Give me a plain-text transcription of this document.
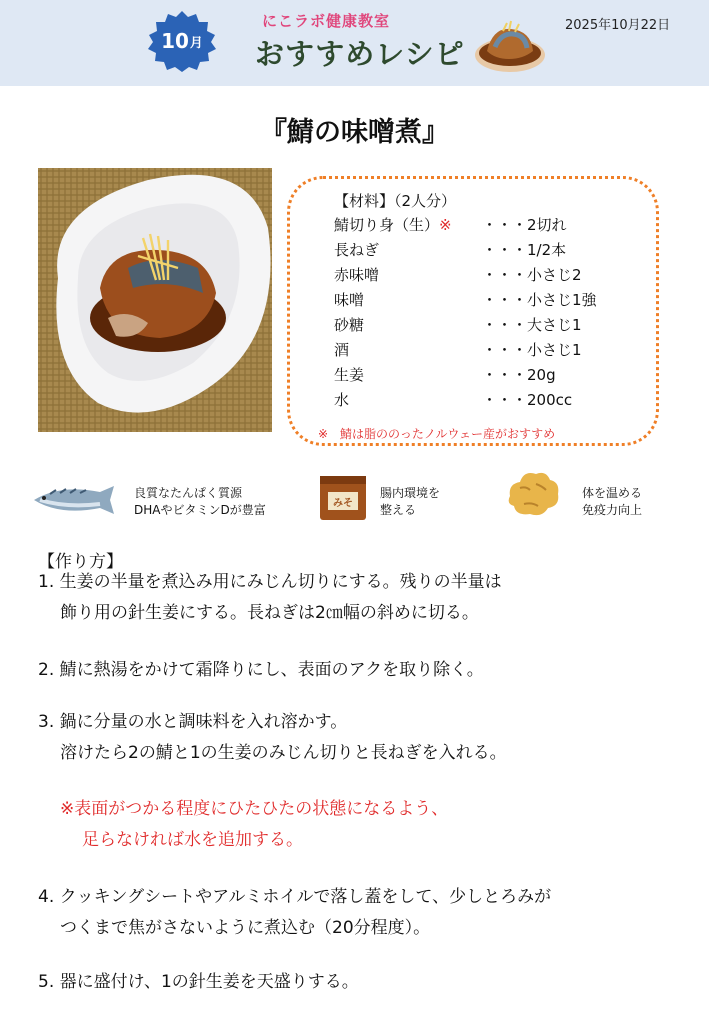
10 月
にこラボ健康教室
おすすめレシピ
2025年10月22日
『鯖の味噌煮』
【材料】（2人分）
鯖切り身（生）※ ・・・2切れ
長ねぎ	・・・1/2本
赤味噌	・・・小さじ2
味噌	・・・小さじ1強
砂糖	・・・大さじ1
酒	・・・小さじ1
生姜	・・・20g
水	・・・200cc
※　鯖は脂ののったノルウェー産がおすすめ
良質なたんぱく質源
DHAやビタミンDが豊富	みそ
腸内環境を
整える
体を温める
免疫力向上
【作り方】
1. 生姜の半量を煮込み用にみじん切りにする。残りの半量は
飾り用の針生姜にする。長ねぎは2㎝幅の斜めに切る。
2. 鯖に熱湯をかけて霜降りにし、表面のアクを取り除く。
3. 鍋に分量の水と調味料を入れ溶かす。
溶けたら2の鯖と1の生姜のみじん切りと長ねぎを入れる。
※表面がつかる程度にひたひたの状態になるよう、
足らなければ水を追加する。
4. クッキングシートやアルミホイルで落し蓋をして、少しとろみが
つくまで焦がさないように煮込む（20分程度）。
5. 器に盛付け、1の針生姜を天盛りする。
